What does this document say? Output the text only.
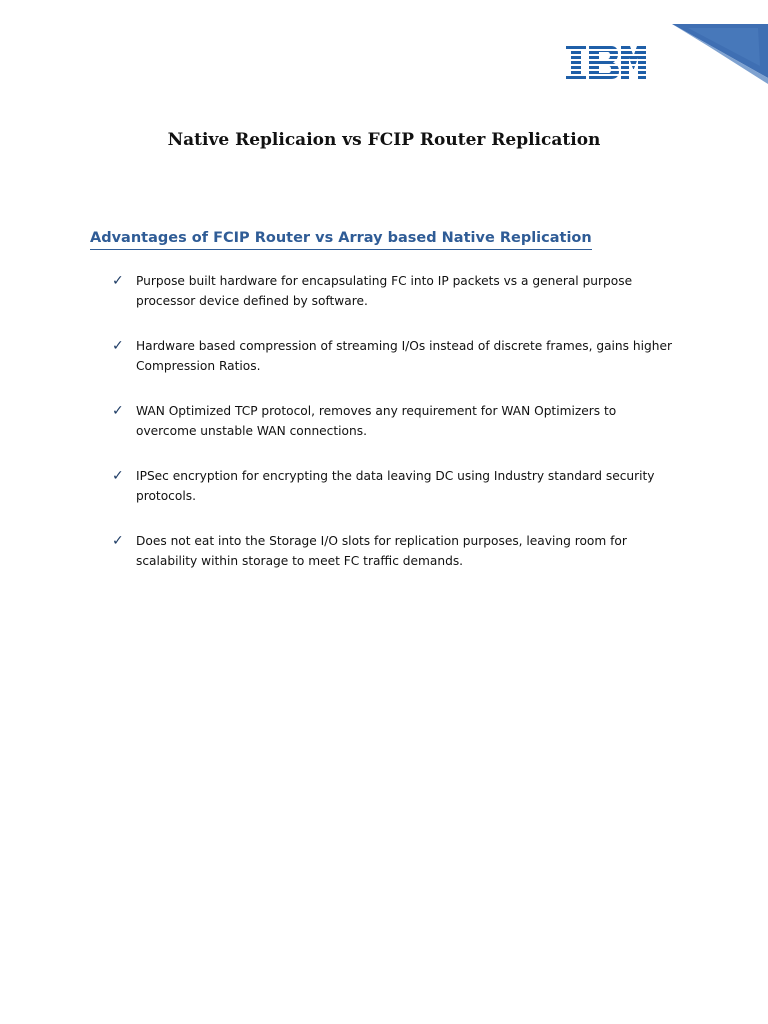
Native Replicaion vs FCIP Router Replication
Advantages of FCIP Router vs Array based Native Replication
✓ Purpose built hardware for encapsulating FC into IP packets vs a general purpose
processor device defined by software.
✓ Hardware based compression of streaming I/Os instead of discrete frames, gains higher
Compression Ratios.
✓ WAN Optimized TCP protocol, removes any requirement for WAN Optimizers to
overcome unstable WAN connections.
✓ IPSec encryption for encrypting the data leaving DC using Industry standard security
protocols.
✓ Does not eat into the Storage I/O slots for replication purposes, leaving room for
scalability within storage to meet FC traffic demands.
